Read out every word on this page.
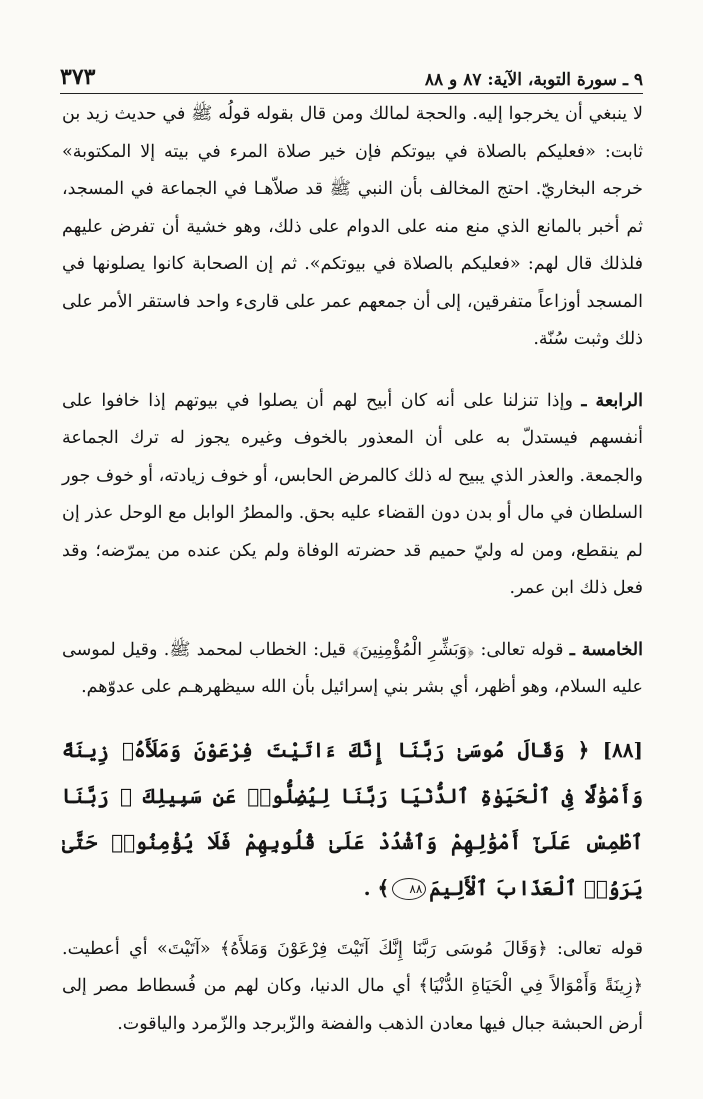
٣٧٣	٩ ـ سورة التوبة، الآية: ٨٧ و ٨٨

لا ينبغي أن يخرجوا إليه. والحجة لمالك ومن قال بقوله قولُه ﷺ في حديث زيد بن ثابت: «فعليكم بالصلاة في بيوتكم فإن خير صلاة المرء في بيته إلا المكتوبة» خرجه البخاريّ. احتج المخالف بأن النبي ﷺ قد صلاّهـا في الجماعة في المسجد، ثم أخبر بالمانع الذي منع منه على الدوام على ذلك، وهو خشية أن تفرض عليهم فلذلك قال لهم: «فعليكم بالصلاة في بيوتكم». ثم إن الصحابة كانوا يصلونها في المسجد أوزاعاً متفرقين، إلى أن جمعهم عمر على قارىء واحد فاستقر الأمر على ذلك وثبت سُنّة.

الرابعة ـ وإذا تنزلنا على أنه كان أبيح لهم أن يصلوا في بيوتهم إذا خافوا على أنفسهم فيستدلّ به على أن المعذور بالخوف وغيره يجوز له ترك الجماعة والجمعة. والعذر الذي يبيح له ذلك كالمرض الحابس، أو خوف زيادته، أو خوف جور السلطان في مال أو بدن دون القضاء عليه بحق. والمطرُ الوابل مع الوحل عذر إن لم ينقطع، ومن له وليّ حميم قد حضرته الوفاة ولم يكن عنده من يمرّضه؛ وقد فعل ذلك ابن عمر.

الخامسة ـ قوله تعالى: ﴿وَبَشِّرِ الْمُؤْمِنِينَ﴾ قيل: الخطاب لمحمد ﷺ. وقيل لموسى عليه السلام، وهو أظهر، أي بشر بني إسرائيل بأن الله سيظهرهـم على عدوّهم.

[٨٨] ﴿ وَقَالَ مُوسَىٰ رَبَّنَا إِنَّكَ ءَاتَيْتَ فِرْعَوْنَ وَمَلَأَهُۥ زِينَةً وَأَمْوَٰلًا فِى ٱلْحَيَوٰةِ ٱلدُّنْيَا رَبَّنَا لِيُضِلُّوا۟ عَن سَبِيلِكَ ۖ رَبَّنَا ٱطْمِسْ عَلَىٰٓ أَمْوَٰلِهِمْ وَٱشْدُدْ عَلَىٰ قُلُوبِهِمْ فَلَا يُؤْمِنُوا۟ حَتَّىٰ يَرَوُا۟ ٱلْعَذَابَ ٱلْأَلِيمَ٨٨﴾ .

قوله تعالى: ﴿وَقَالَ مُوسَى رَبَّنَا إِنَّكَ آتَيْتَ فِرْعَوْنَ وَمَلأَهُ﴾ «آتَيْتَ» أي أعطيت. ﴿زِينَةً وَأَمْوَالاً فِي الْحَيَاةِ الدُّنْيَا﴾ أي مال الدنيا، وكان لهم من فُسطاط مصر إلى أرض الحبشة جبال فيها معادن الذهب والفضة والزّبرجد والزّمرد والياقوت.
